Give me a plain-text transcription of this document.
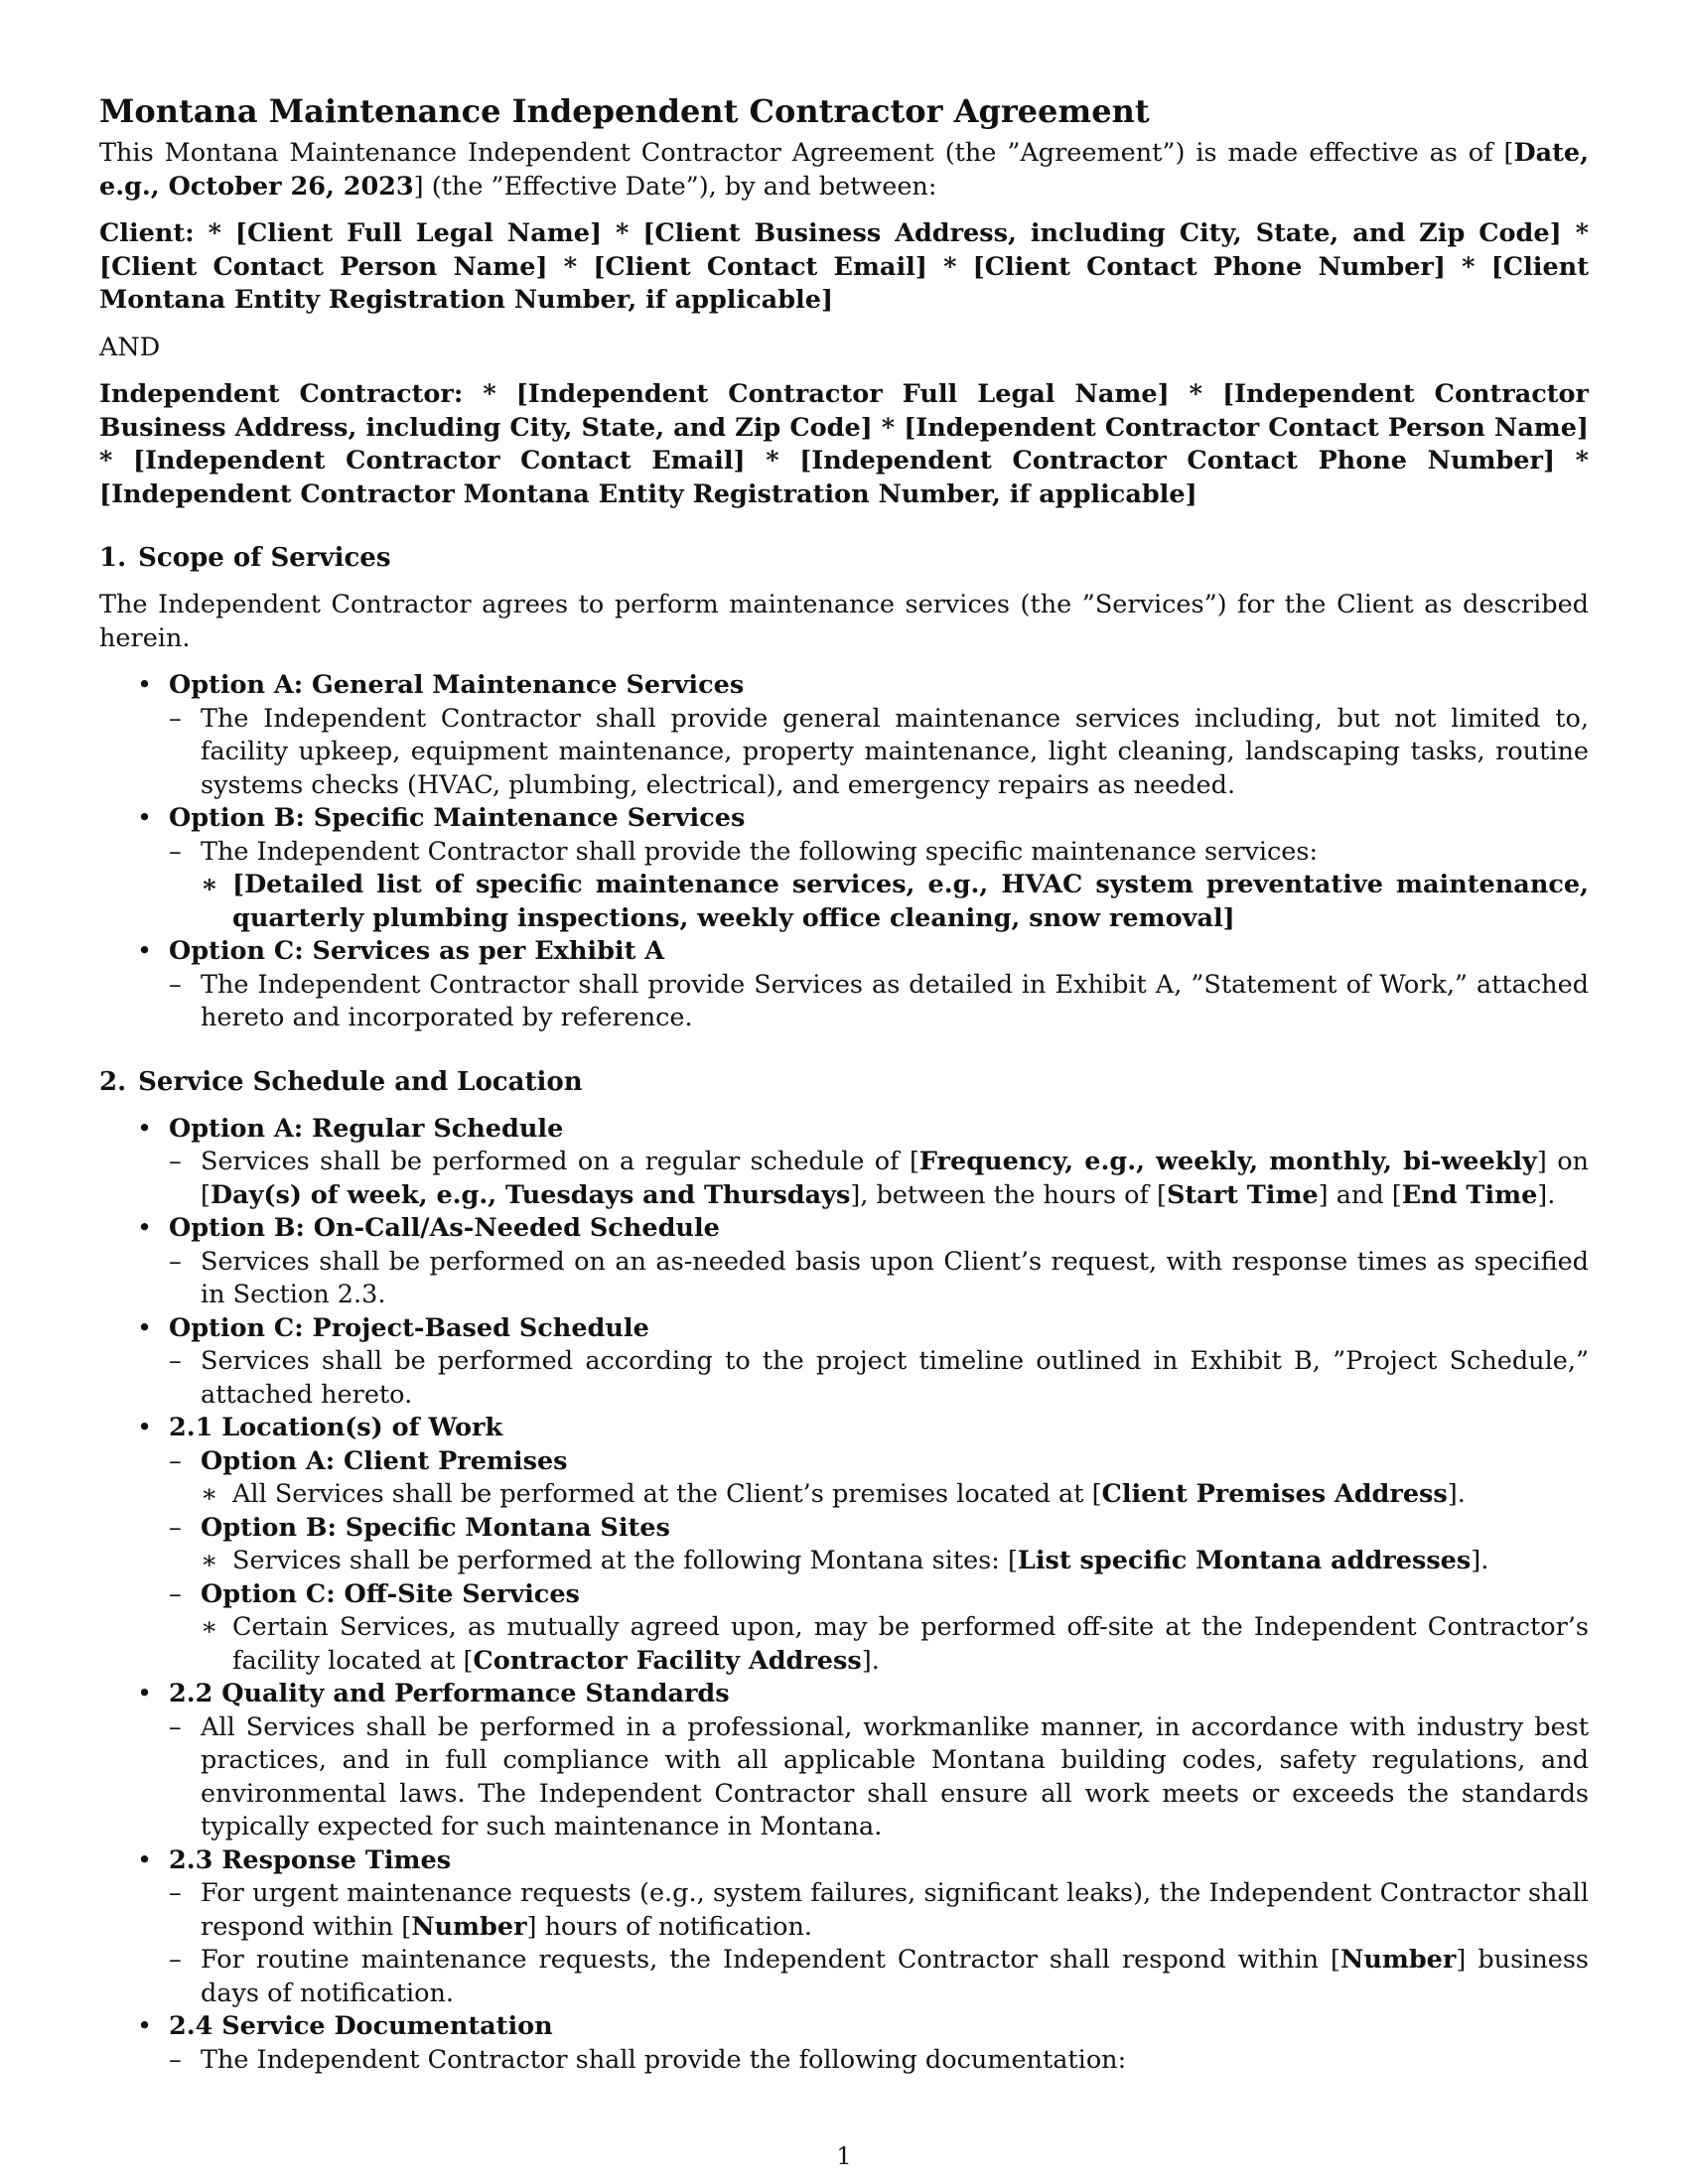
Montana Maintenance Independent Contractor Agreement

This Montana Maintenance Independent Contractor Agreement (the ”Agreement”) is made effective as of [Date, e.g., October 26, 2023] (the ”Effective Date”), by and between:

Client: * [Client Full Legal Name] * [Client Business Address, including City, State, and Zip Code] * [Client Contact Person Name] * [Client Contact Email] * [Client Contact Phone Number] * [Client Montana Entity Registration Number, if applicable]

AND

Independent Contractor: * [Independent Contractor Full Legal Name] * [Independent Contractor Business Address, including City, State, and Zip Code] * [Independent Contractor Contact Person Name] * [Independent Contractor Contact Email] * [Independent Contractor Contact Phone Number] * [Independent Contractor Montana Entity Registration Number, if applicable]

1. Scope of Services

The Independent Contractor agrees to perform maintenance services (the ”Services”) for the Client as described herein.

• Option A: General Maintenance Services
– The Independent Contractor shall provide general maintenance services including, but not limited to, facility upkeep, equipment maintenance, property maintenance, light cleaning, landscaping tasks, routine systems checks (HVAC, plumbing, electrical), and emergency repairs as needed.
• Option B: Specific Maintenance Services
– The Independent Contractor shall provide the following specific maintenance services:
∗ [Detailed list of specific maintenance services, e.g., HVAC system preventative maintenance, quarterly plumbing inspections, weekly office cleaning, snow removal]
• Option C: Services as per Exhibit A
– The Independent Contractor shall provide Services as detailed in Exhibit A, ”Statement of Work,” attached hereto and incorporated by reference.
2. Service Schedule and Location
• Option A: Regular Schedule
– Services shall be performed on a regular schedule of [Frequency, e.g., weekly, monthly, bi-weekly] on [Day(s) of week, e.g., Tuesdays and Thursdays], between the hours of [Start Time] and [End Time].
• Option B: On-Call/As-Needed Schedule
– Services shall be performed on an as-needed basis upon Client’s request, with response times as specified in Section 2.3.
• Option C: Project-Based Schedule
– Services shall be performed according to the project timeline outlined in Exhibit B, ”Project Schedule,” attached hereto.
• 2.1 Location(s) of Work
– Option A: Client Premises
∗ All Services shall be performed at the Client’s premises located at [Client Premises Address].
– Option B: Specific Montana Sites
∗ Services shall be performed at the following Montana sites: [List specific Montana addresses].
– Option C: Off-Site Services
∗ Certain Services, as mutually agreed upon, may be performed off-site at the Independent Contractor’s facility located at [Contractor Facility Address].
• 2.2 Quality and Performance Standards
– All Services shall be performed in a professional, workmanlike manner, in accordance with industry best practices, and in full compliance with all applicable Montana building codes, safety regulations, and environmental laws. The Independent Contractor shall ensure all work meets or exceeds the standards typically expected for such maintenance in Montana.
• 2.3 Response Times
– For urgent maintenance requests (e.g., system failures, significant leaks), the Independent Contractor shall respond within [Number] hours of notification.
– For routine maintenance requests, the Independent Contractor shall respond within [Number] business days of notification.
• 2.4 Service Documentation
– The Independent Contractor shall provide the following documentation:
1
